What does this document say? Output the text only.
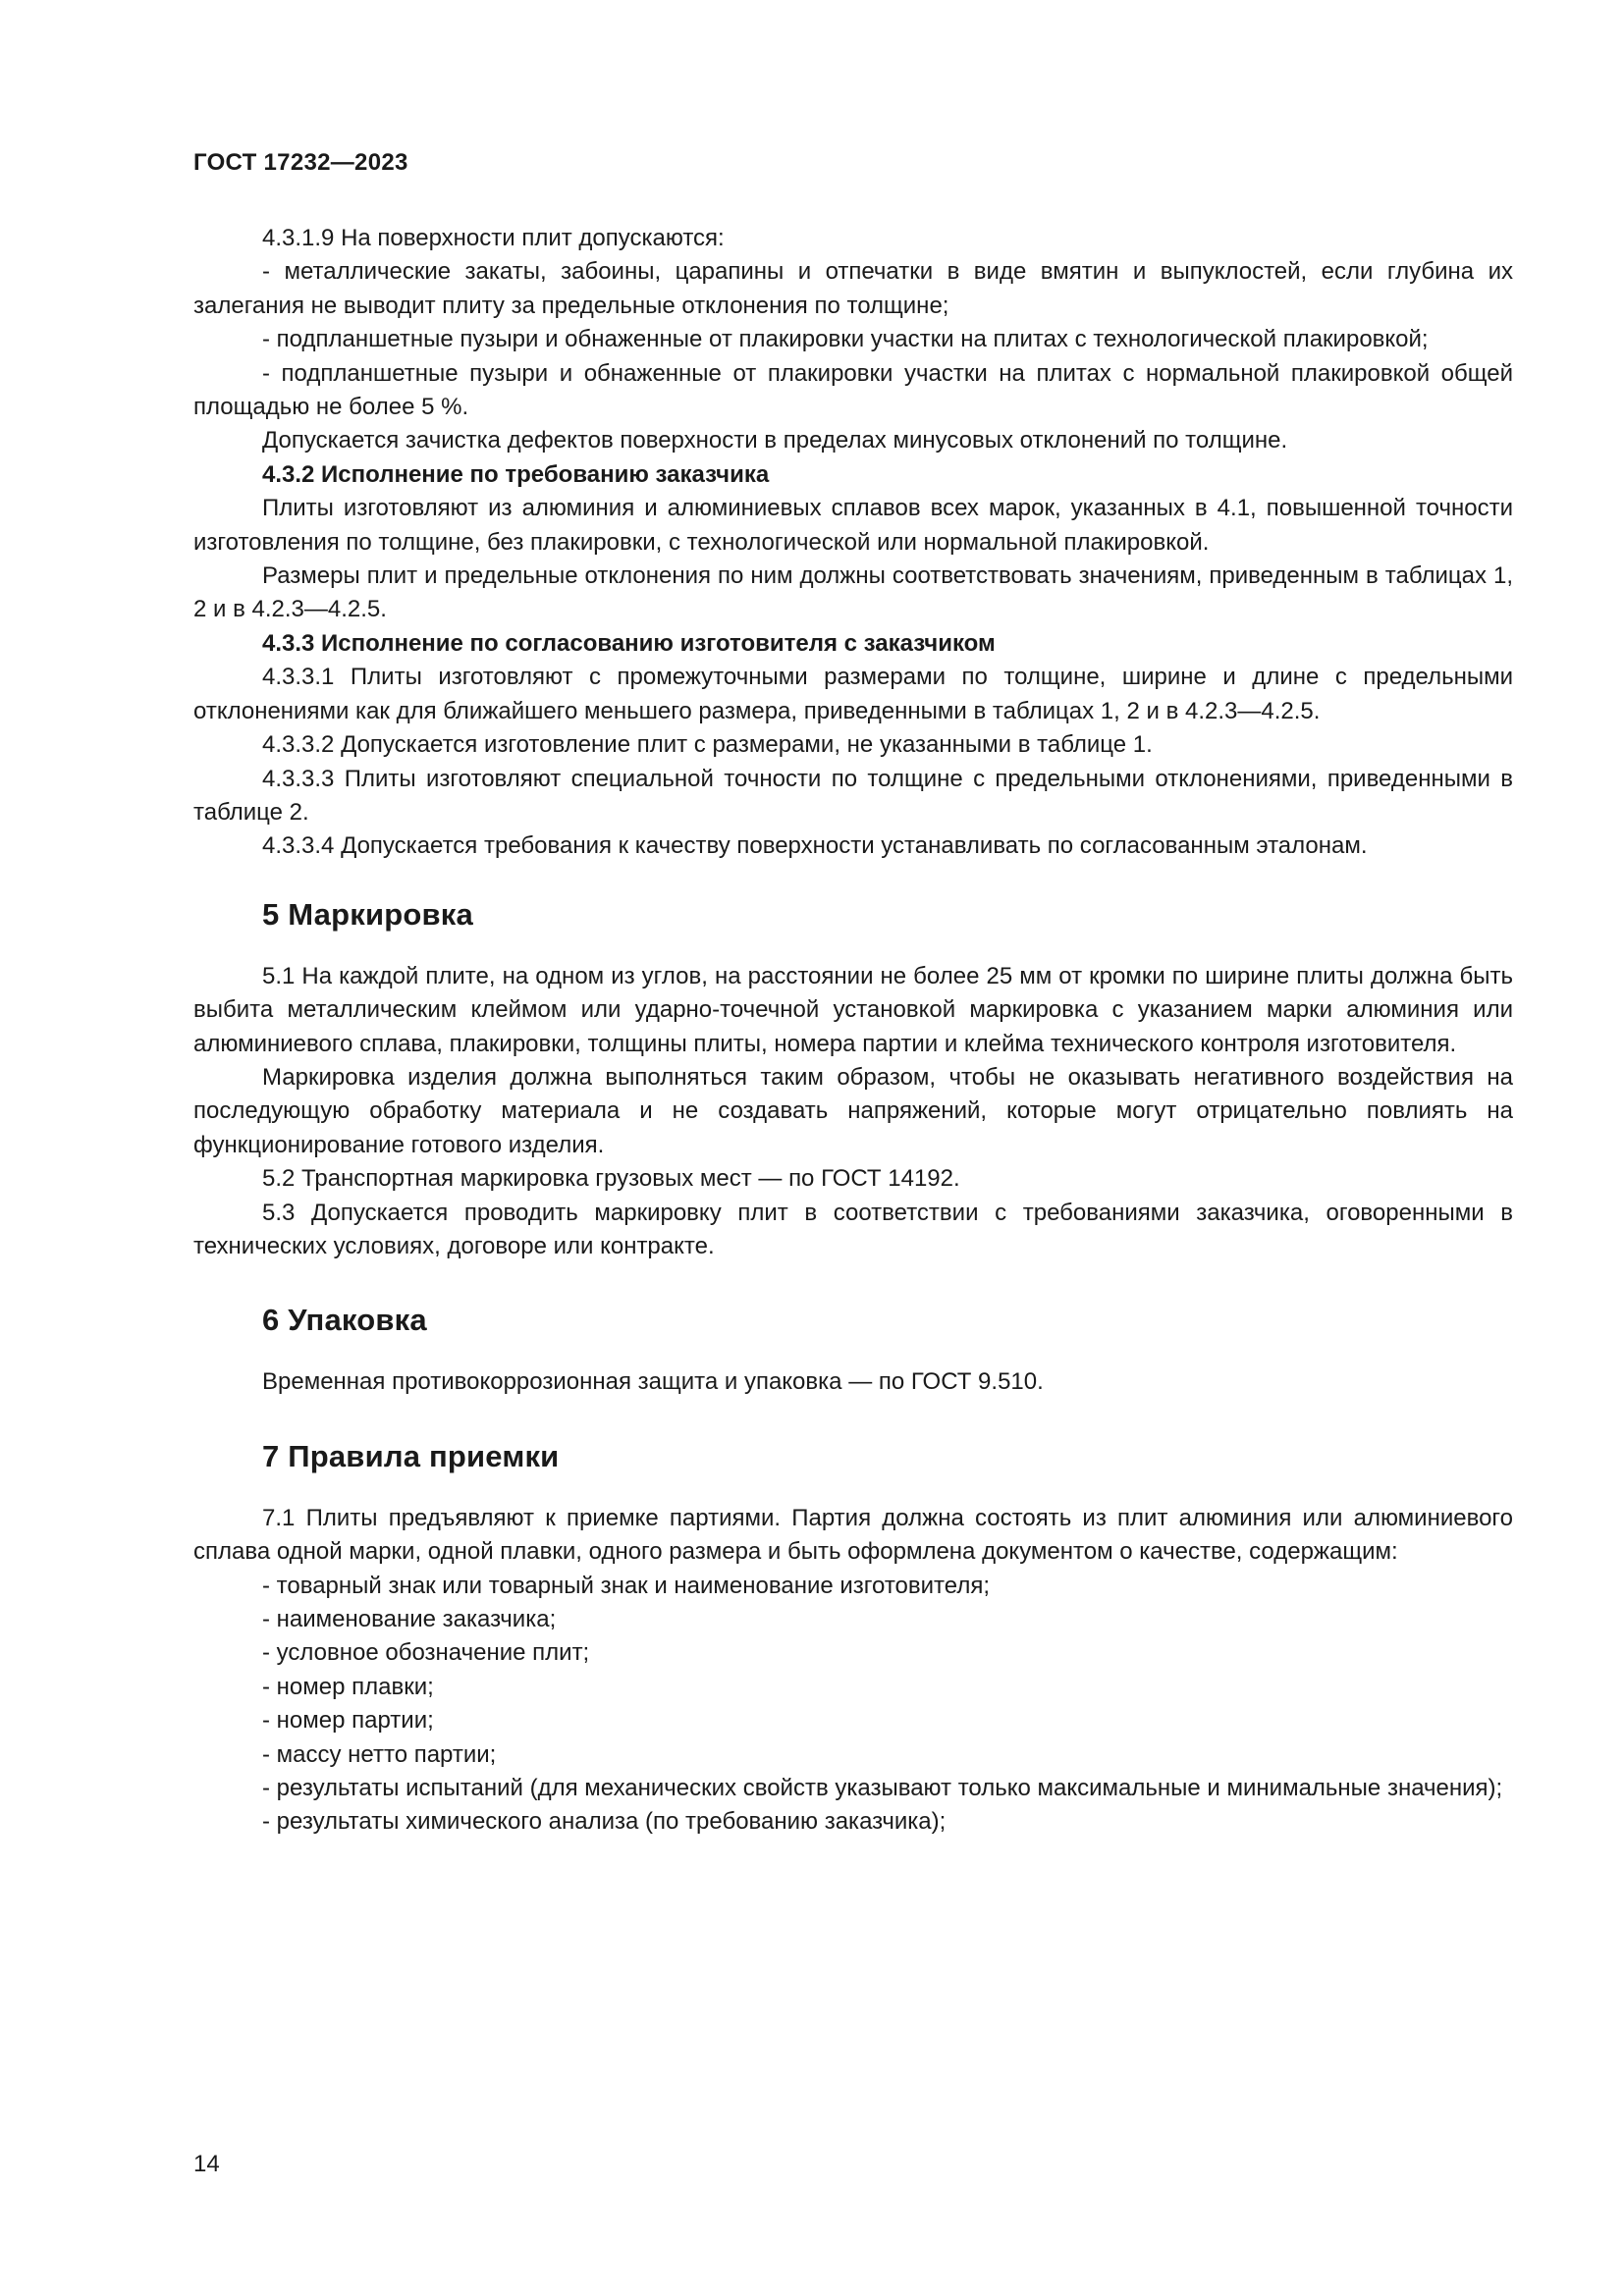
ГОСТ 17232—2023

4.3.1.9 На поверхности плит допускаются:

- металлические закаты, забоины, царапины и отпечатки в виде вмятин и выпуклостей, если глубина их залегания не выводит плиту за предельные отклонения по толщине;

- подпланшетные пузыри и обнаженные от плакировки участки на плитах с технологической плакировкой;

- подпланшетные пузыри и обнаженные от плакировки участки на плитах с нормальной плакировкой общей площадью не более 5 %.

Допускается зачистка дефектов поверхности в пределах минусовых отклонений по толщине.

4.3.2 Исполнение по требованию заказчика

Плиты изготовляют из алюминия и алюминиевых сплавов всех марок, указанных в 4.1, повышенной точности изготовления по толщине, без плакировки, с технологической или нормальной плакировкой.

Размеры плит и предельные отклонения по ним должны соответствовать значениям, приведенным в таблицах 1, 2 и в 4.2.3—4.2.5.

4.3.3 Исполнение по согласованию изготовителя с заказчиком

4.3.3.1 Плиты изготовляют с промежуточными размерами по толщине, ширине и длине с предельными отклонениями как для ближайшего меньшего размера, приведенными в таблицах 1, 2 и в 4.2.3—4.2.5.

4.3.3.2 Допускается изготовление плит с размерами, не указанными в таблице 1.

4.3.3.3 Плиты изготовляют специальной точности по толщине с предельными отклонениями, приведенными в таблице 2.

4.3.3.4 Допускается требования к качеству поверхности устанавливать по согласованным эталонам.

5 Маркировка

5.1 На каждой плите, на одном из углов, на расстоянии не более 25 мм от кромки по ширине плиты должна быть выбита металлическим клеймом или ударно-точечной установкой маркировка с указанием марки алюминия или алюминиевого сплава, плакировки, толщины плиты, номера партии и клейма технического контроля изготовителя.

Маркировка изделия должна выполняться таким образом, чтобы не оказывать негативного воздействия на последующую обработку материала и не создавать напряжений, которые могут отрицательно повлиять на функционирование готового изделия.

5.2 Транспортная маркировка грузовых мест — по ГОСТ 14192.

5.3 Допускается проводить маркировку плит в соответствии с требованиями заказчика, оговоренными в технических условиях, договоре или контракте.

6 Упаковка

Временная противокоррозионная защита и упаковка — по ГОСТ 9.510.

7 Правила приемки

7.1 Плиты предъявляют к приемке партиями. Партия должна состоять из плит алюминия или алюминиевого сплава одной марки, одной плавки, одного размера и быть оформлена документом о качестве, содержащим:

- товарный знак или товарный знак и наименование изготовителя;

- наименование заказчика;

- условное обозначение плит;

- номер плавки;

- номер партии;

- массу нетто партии;

- результаты испытаний (для механических свойств указывают только максимальные и минимальные значения);

- результаты химического анализа (по требованию заказчика);

14
